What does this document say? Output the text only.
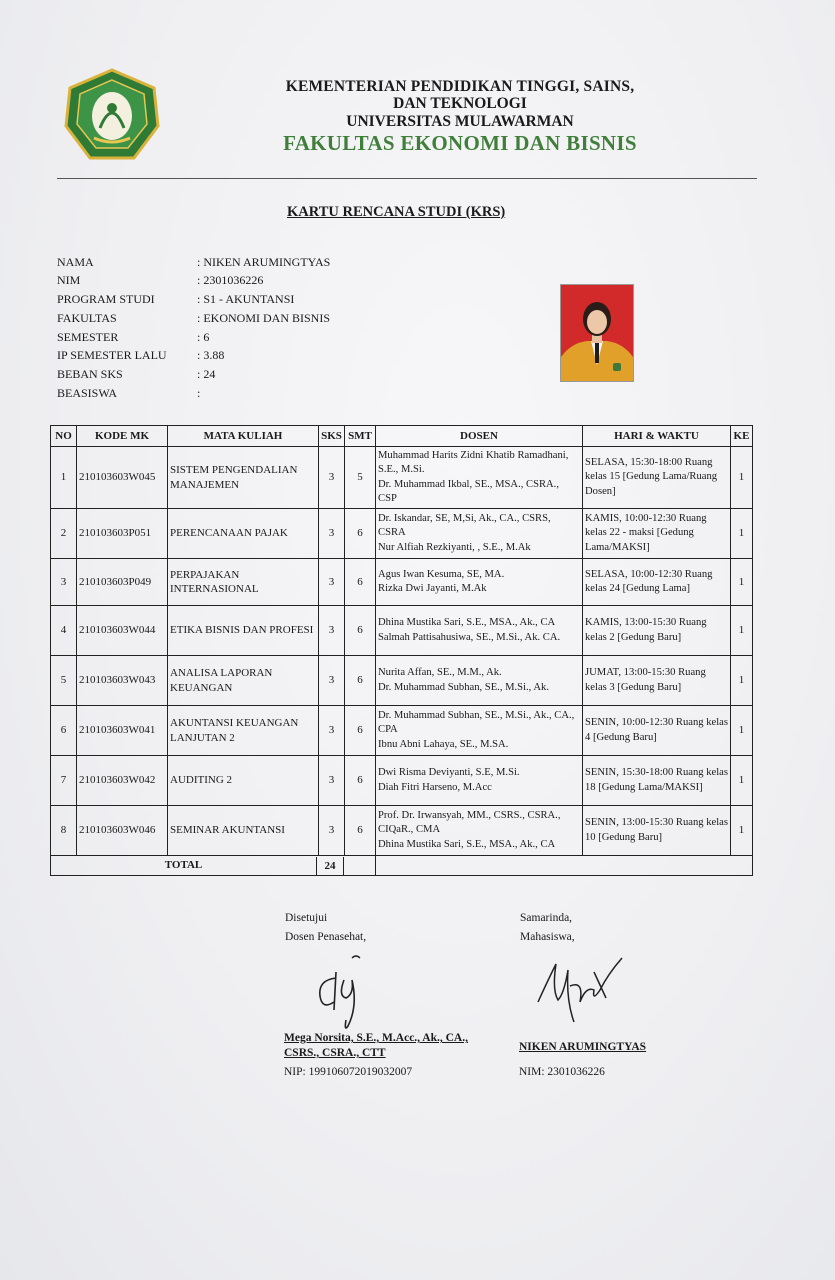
KEMENTERIAN PENDIDIKAN TINGGI, SAINS,
DAN TEKNOLOGI
UNIVERSITAS MULAWARMAN
FAKULTAS EKONOMI DAN BISNIS
KARTU RENCANA STUDI (KRS)
NAMA	: NIKEN ARUMINGTYAS
NIM	: 2301036226
PROGRAM STUDI	: S1 - AKUNTANSI
FAKULTAS	: EKONOMI DAN BISNIS
SEMESTER	: 6
IP SEMESTER LALU	: 3.88
BEBAN SKS	: 24
BEASISWA	:
NO	KODE MK	MATA KULIAH	SKS	SMT	DOSEN	HARI & WAKTU	KE
1	210103603W045	SISTEM PENGENDALIAN MANAJEMEN	3	5	Muhammad Harits Zidni Khatib Ramadhani, S.E., M.Si.
Dr. Muhammad Ikbal, SE., MSA., CSRA., CSP	SELASA, 15:30-18:00 Ruang kelas 15 [Gedung Lama/Ruang Dosen]	1
2	210103603P051	PERENCANAAN PAJAK	3	6	Dr. Iskandar, SE, M,Si, Ak., CA., CSRS, CSRA
Nur Alfiah Rezkiyanti, , S.E., M.Ak	KAMIS, 10:00-12:30 Ruang kelas 22 - maksi [Gedung Lama/MAKSI]	1
3	210103603P049	PERPAJAKAN INTERNASIONAL	3	6	Agus Iwan Kesuma, SE, MA.
Rizka Dwi Jayanti, M.Ak	SELASA, 10:00-12:30 Ruang kelas 24 [Gedung Lama]	1
4	210103603W044	ETIKA BISNIS DAN PROFESI	3	6	Dhina Mustika Sari, S.E., MSA., Ak., CA
Salmah Pattisahusiwa, SE., M.Si., Ak. CA.	KAMIS, 13:00-15:30 Ruang kelas 2 [Gedung Baru]	1
5	210103603W043	ANALISA LAPORAN KEUANGAN	3	6	Nurita Affan, SE., M.M., Ak.
Dr. Muhammad Subhan, SE., M.Si., Ak.	JUMAT, 13:00-15:30 Ruang kelas 3 [Gedung Baru]	1
6	210103603W041	AKUNTANSI KEUANGAN LANJUTAN 2	3	6	Dr. Muhammad Subhan, SE., M.Si., Ak., CA., CPA
Ibnu Abni Lahaya, SE., M.SA.	SENIN, 10:00-12:30 Ruang kelas 4 [Gedung Baru]	1
7	210103603W042	AUDITING 2	3	6	Dwi Risma Deviyanti, S.E, M.Si.
Diah Fitri Harseno, M.Acc	SENIN, 15:30-18:00 Ruang kelas 18 [Gedung Lama/MAKSI]	1
8	210103603W046	SEMINAR AKUNTANSI	3	6	Prof. Dr. Irwansyah, MM., CSRS., CSRA., CIQaR., CMA
Dhina Mustika Sari, S.E., MSA., Ak., CA	SENIN, 13:00-15:30 Ruang kelas 10 [Gedung Baru]	1

TOTAL 24							

Disetujui
Dosen Penasehat,
Samarinda,
Mahasiswa,
Mega Norsita, S.E., M.Acc., Ak., CA.,
CSRS., CSRA., CTT
NIP: 199106072019032007
NIKEN ARUMINGTYAS
NIM: 2301036226
